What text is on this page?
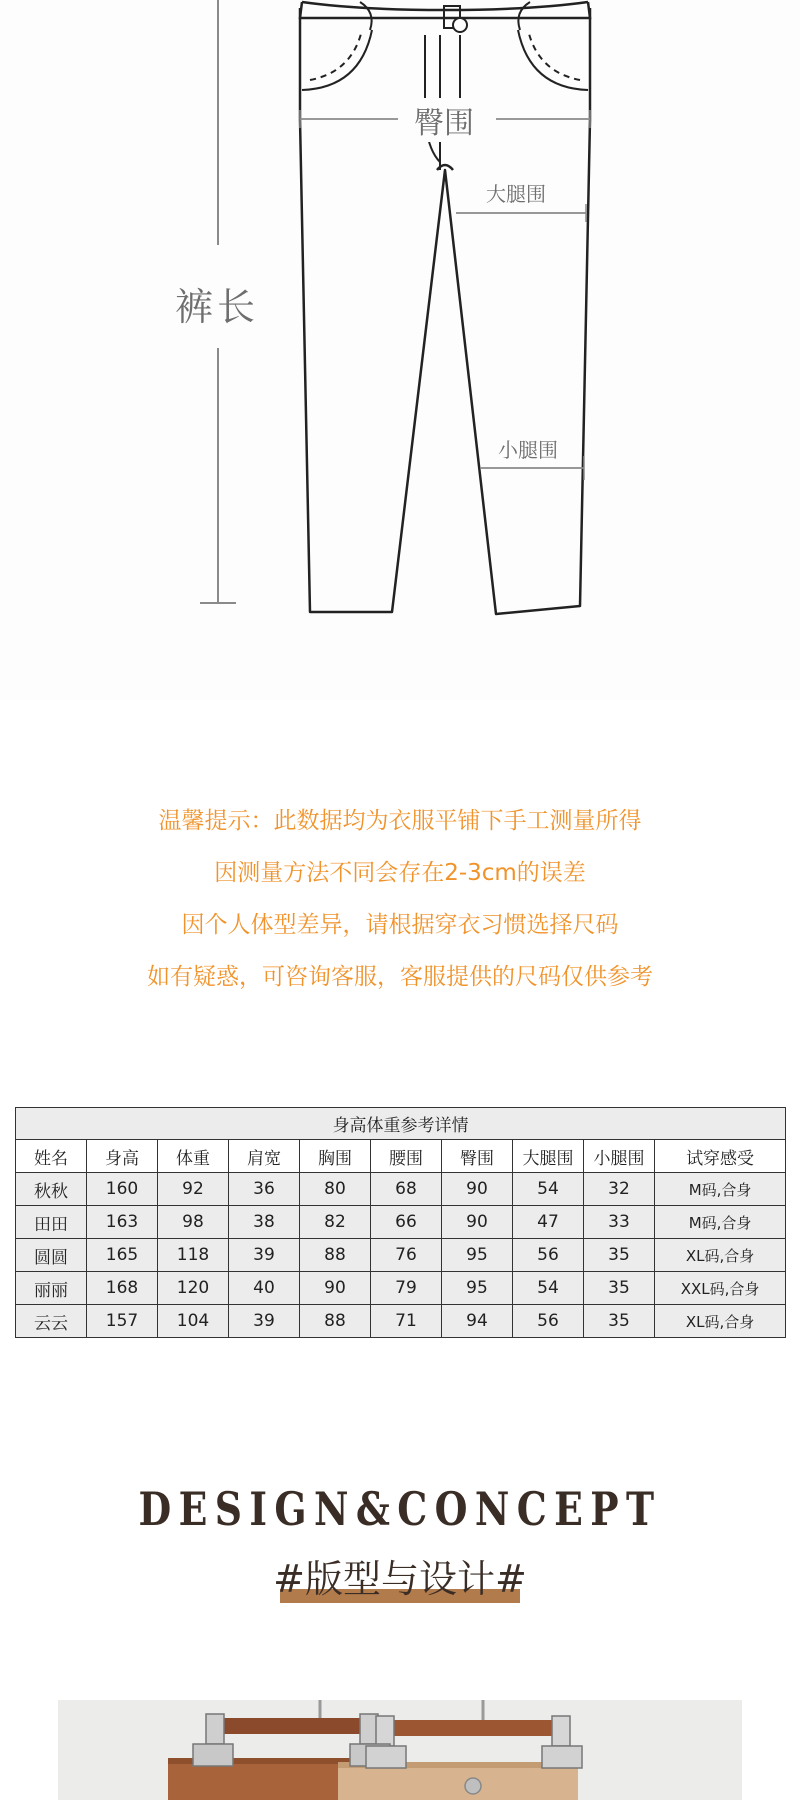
臀围
大腿围
小腿围
裤长
温馨提示：此数据均为衣服平铺下手工测量所得
因测量方法不同会存在2-3cm的误差
因个人体型差异，请根据穿衣习惯选择尺码
如有疑惑，可咨询客服，客服提供的尺码仅供参考
身高体重参考详情									
姓名	身高	体重	肩宽	胸围	腰围	臀围	大腿围	小腿围	试穿感受
秋秋	160	92	36	80	68	90	54	32	M码,合身
田田	163	98	38	82	66	90	47	33	M码,合身
圆圆	165	118	39	88	76	95	56	35	XL码,合身
丽丽	168	120	40	90	79	95	54	35	XXL码,合身
云云	157	104	39	88	71	94	56	35	XL码,合身
DESIGN&CONCEPT
#版型与设计#
